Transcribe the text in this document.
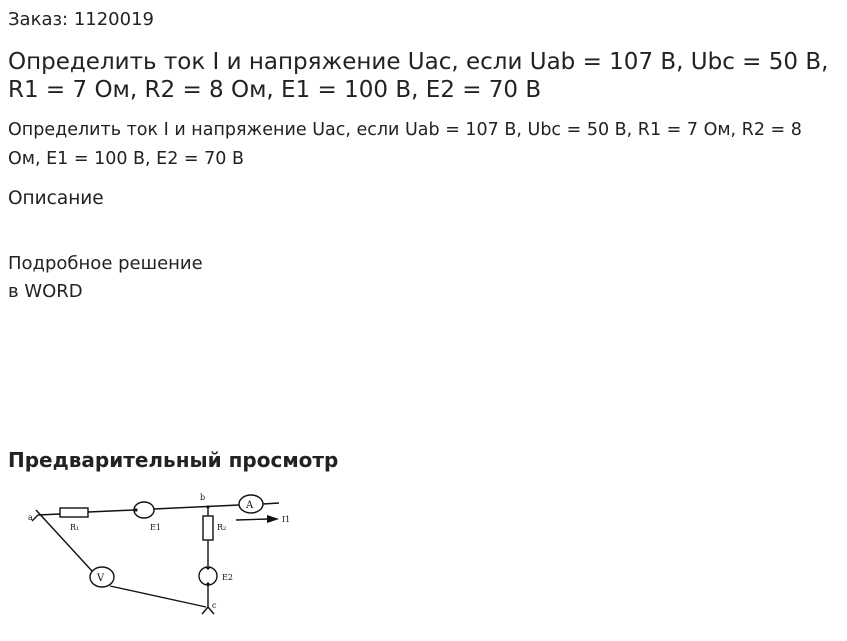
Заказ: 1120019
Определить ток I и напряжение Uac, если Uab = 107 В, Ubc = 50 В, R1 = 7 Ом, R2 = 8 Ом, E1 = 100 В, E2 = 70 В
Определить ток I и напряжение Uac, если Uab = 107 В, Ubc = 50 В, R1 = 7 Ом, R2 = 8 Ом, E1 = 100 В, E2 = 70 В
Описание
Подробное решение
в WORD
Предварительный просмотр
a
b
c
R₁	E1	R₂
E2
I1
V
A
